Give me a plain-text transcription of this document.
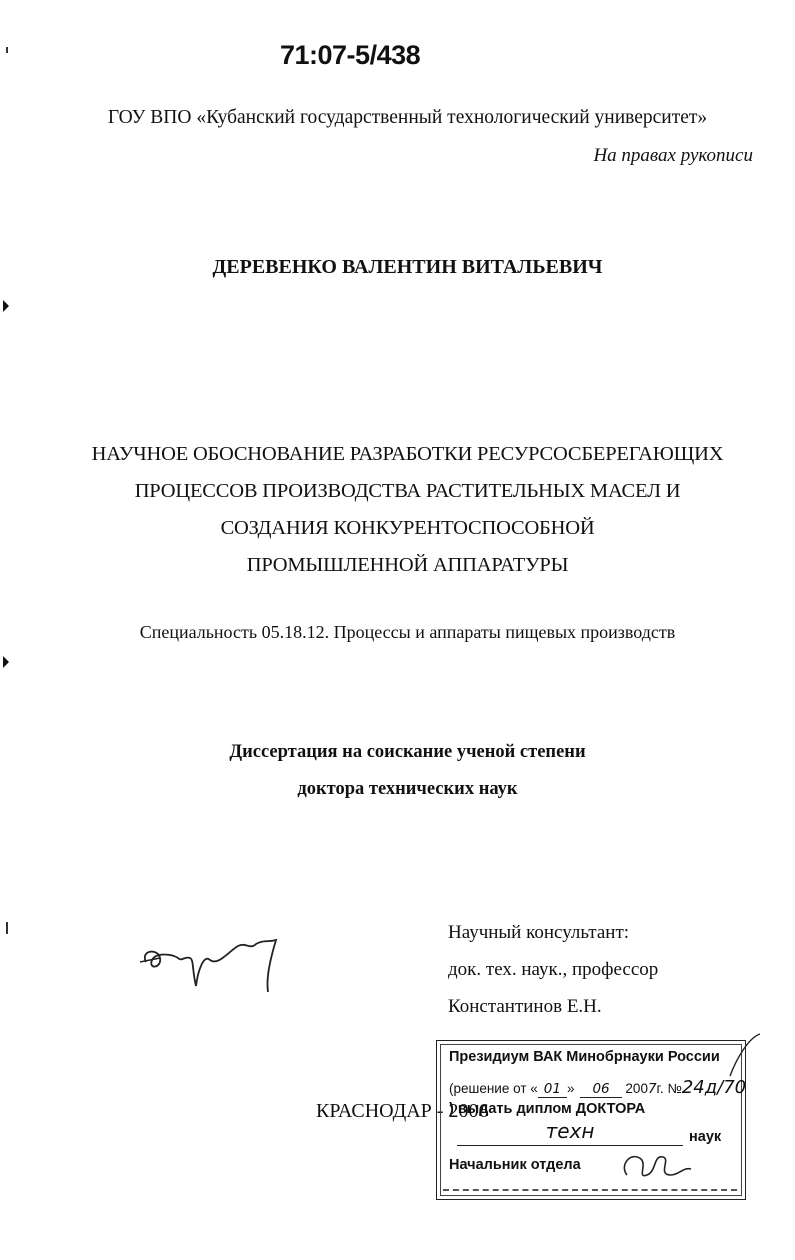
71:07-5/438
ГОУ ВПО «Кубанский государственный технологический университет»
На правах рукописи
ДЕРЕВЕНКО ВАЛЕНТИН ВИТАЛЬЕВИЧ
НАУЧНОЕ ОБОСНОВАНИЕ РАЗРАБОТКИ РЕСУРСОСБЕРЕГАЮЩИХ
ПРОЦЕССОВ ПРОИЗВОДСТВА РАСТИТЕЛЬНЫХ МАСЕЛ И
СОЗДАНИЯ КОНКУРЕНТОСПОСОБНОЙ
ПРОМЫШЛЕННОЙ АППАРАТУРЫ
Специальность 05.18.12. Процессы и аппараты пищевых производств
Диссертация на соискание ученой степени
доктора технических наук
Научный консультант:
док. тех. наук., профессор
Константинов Е.Н.
КРАСНОДАР - 2006
Президиум ВАК Минобрнауки России
(решение от « 01 » 06 2007г. №24д/70
) выдать диплом ДОКТОРА
техн	наук
Начальник отдела
